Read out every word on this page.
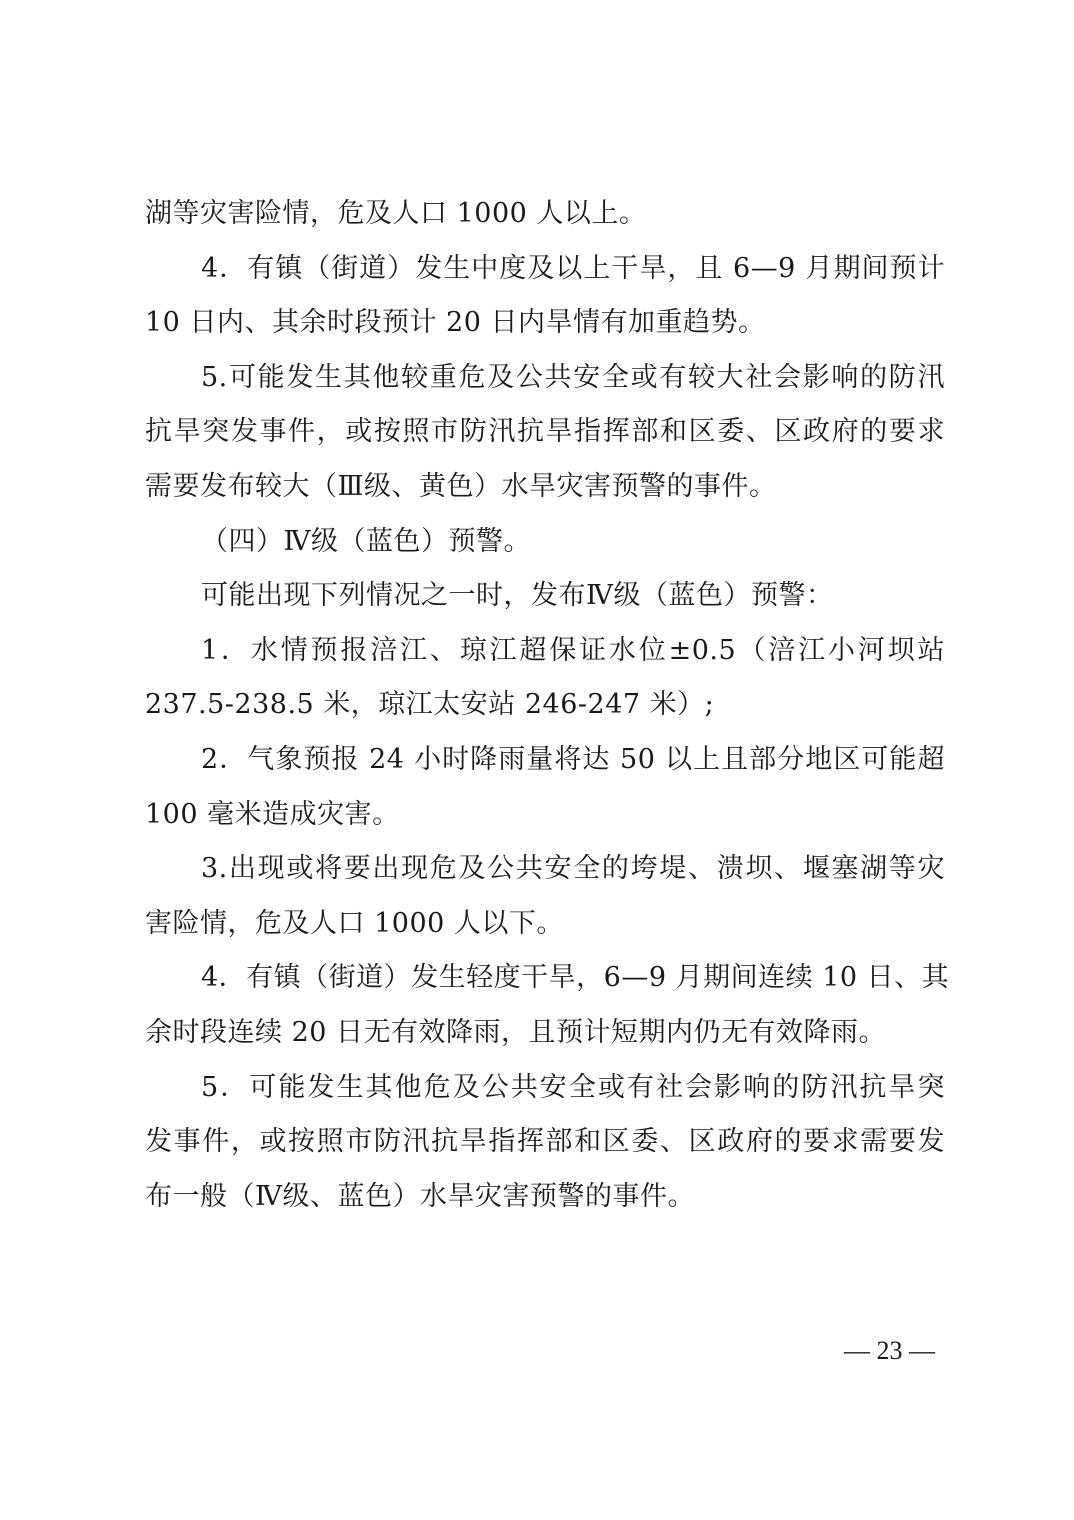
湖等灾害险情，危及人口 1000 人以上。
4．有镇（街道）发生中度及以上干旱，且 6—9 月期间预计
10 日内、其余时段预计 20 日内旱情有加重趋势。
5.可能发生其他较重危及公共安全或有较大社会影响的防汛
抗旱突发事件，或按照市防汛抗旱指挥部和区委、区政府的要求
需要发布较大（Ⅲ级、黄色）水旱灾害预警的事件。
（四）Ⅳ级（蓝色）预警。
可能出现下列情况之一时，发布Ⅳ级（蓝色）预警：
1．水情预报涪江、琼江超保证水位±0.5（涪江小河坝站
237.5-238.5 米，琼江太安站 246-247 米）;
2．气象预报 24 小时降雨量将达 50 以上且部分地区可能超
100 毫米造成灾害。
3.出现或将要出现危及公共安全的垮堤、溃坝、堰塞湖等灾
害险情，危及人口 1000 人以下。
4．有镇（街道）发生轻度干旱，6—9 月期间连续 10 日、其
余时段连续 20 日无有效降雨，且预计短期内仍无有效降雨。
5．可能发生其他危及公共安全或有社会影响的防汛抗旱突
发事件，或按照市防汛抗旱指挥部和区委、区政府的要求需要发
布一般（Ⅳ级、蓝色）水旱灾害预警的事件。
— 23 —
